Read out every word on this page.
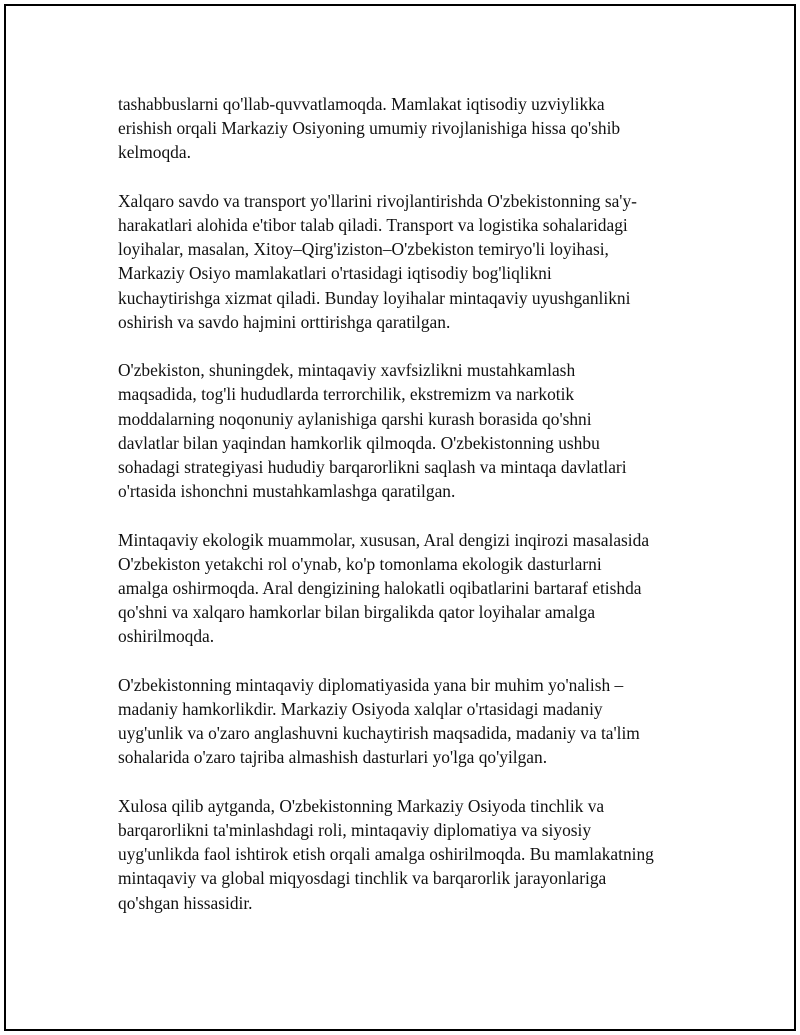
tashabbuslarni qo'llab-quvvatlamoqda. Mamlakat iqtisodiy uzviylikka
erishish orqali Markaziy Osiyoning umumiy rivojlanishiga hissa qo'shib
kelmoqda.

Xalqaro savdo va transport yo'llarini rivojlantirishda O'zbekistonning sa'y-
harakatlari alohida e'tibor talab qiladi. Transport va logistika sohalaridagi
loyihalar, masalan, Xitoy–Qirg'iziston–O'zbekiston temiryo'li loyihasi,
Markaziy Osiyo mamlakatlari o'rtasidagi iqtisodiy bog'liqlikni
kuchaytirishga xizmat qiladi. Bunday loyihalar mintaqaviy uyushganlikni
oshirish va savdo hajmini orttirishga qaratilgan.

O'zbekiston, shuningdek, mintaqaviy xavfsizlikni mustahkamlash
maqsadida, tog'li hududlarda terrorchilik, ekstremizm va narkotik
moddalarning noqonuniy aylanishiga qarshi kurash borasida qo'shni
davlatlar bilan yaqindan hamkorlik qilmoqda. O'zbekistonning ushbu
sohadagi strategiyasi hududiy barqarorlikni saqlash va mintaqa davlatlari
o'rtasida ishonchni mustahkamlashga qaratilgan.

Mintaqaviy ekologik muammolar, xususan, Aral dengizi inqirozi masalasida
O'zbekiston yetakchi rol o'ynab, ko'p tomonlama ekologik dasturlarni
amalga oshirmoqda. Aral dengizining halokatli oqibatlarini bartaraf etishda
qo'shni va xalqaro hamkorlar bilan birgalikda qator loyihalar amalga
oshirilmoqda.

O'zbekistonning mintaqaviy diplomatiyasida yana bir muhim yo'nalish –
madaniy hamkorlikdir. Markaziy Osiyoda xalqlar o'rtasidagi madaniy
uyg'unlik va o'zaro anglashuvni kuchaytirish maqsadida, madaniy va ta'lim
sohalarida o'zaro tajriba almashish dasturlari yo'lga qo'yilgan.

Xulosa qilib aytganda, O'zbekistonning Markaziy Osiyoda tinchlik va
barqarorlikni ta'minlashdagi roli, mintaqaviy diplomatiya va siyosiy
uyg'unlikda faol ishtirok etish orqali amalga oshirilmoqda. Bu mamlakatning
mintaqaviy va global miqyosdagi tinchlik va barqarorlik jarayonlariga
qo'shgan hissasidir.
